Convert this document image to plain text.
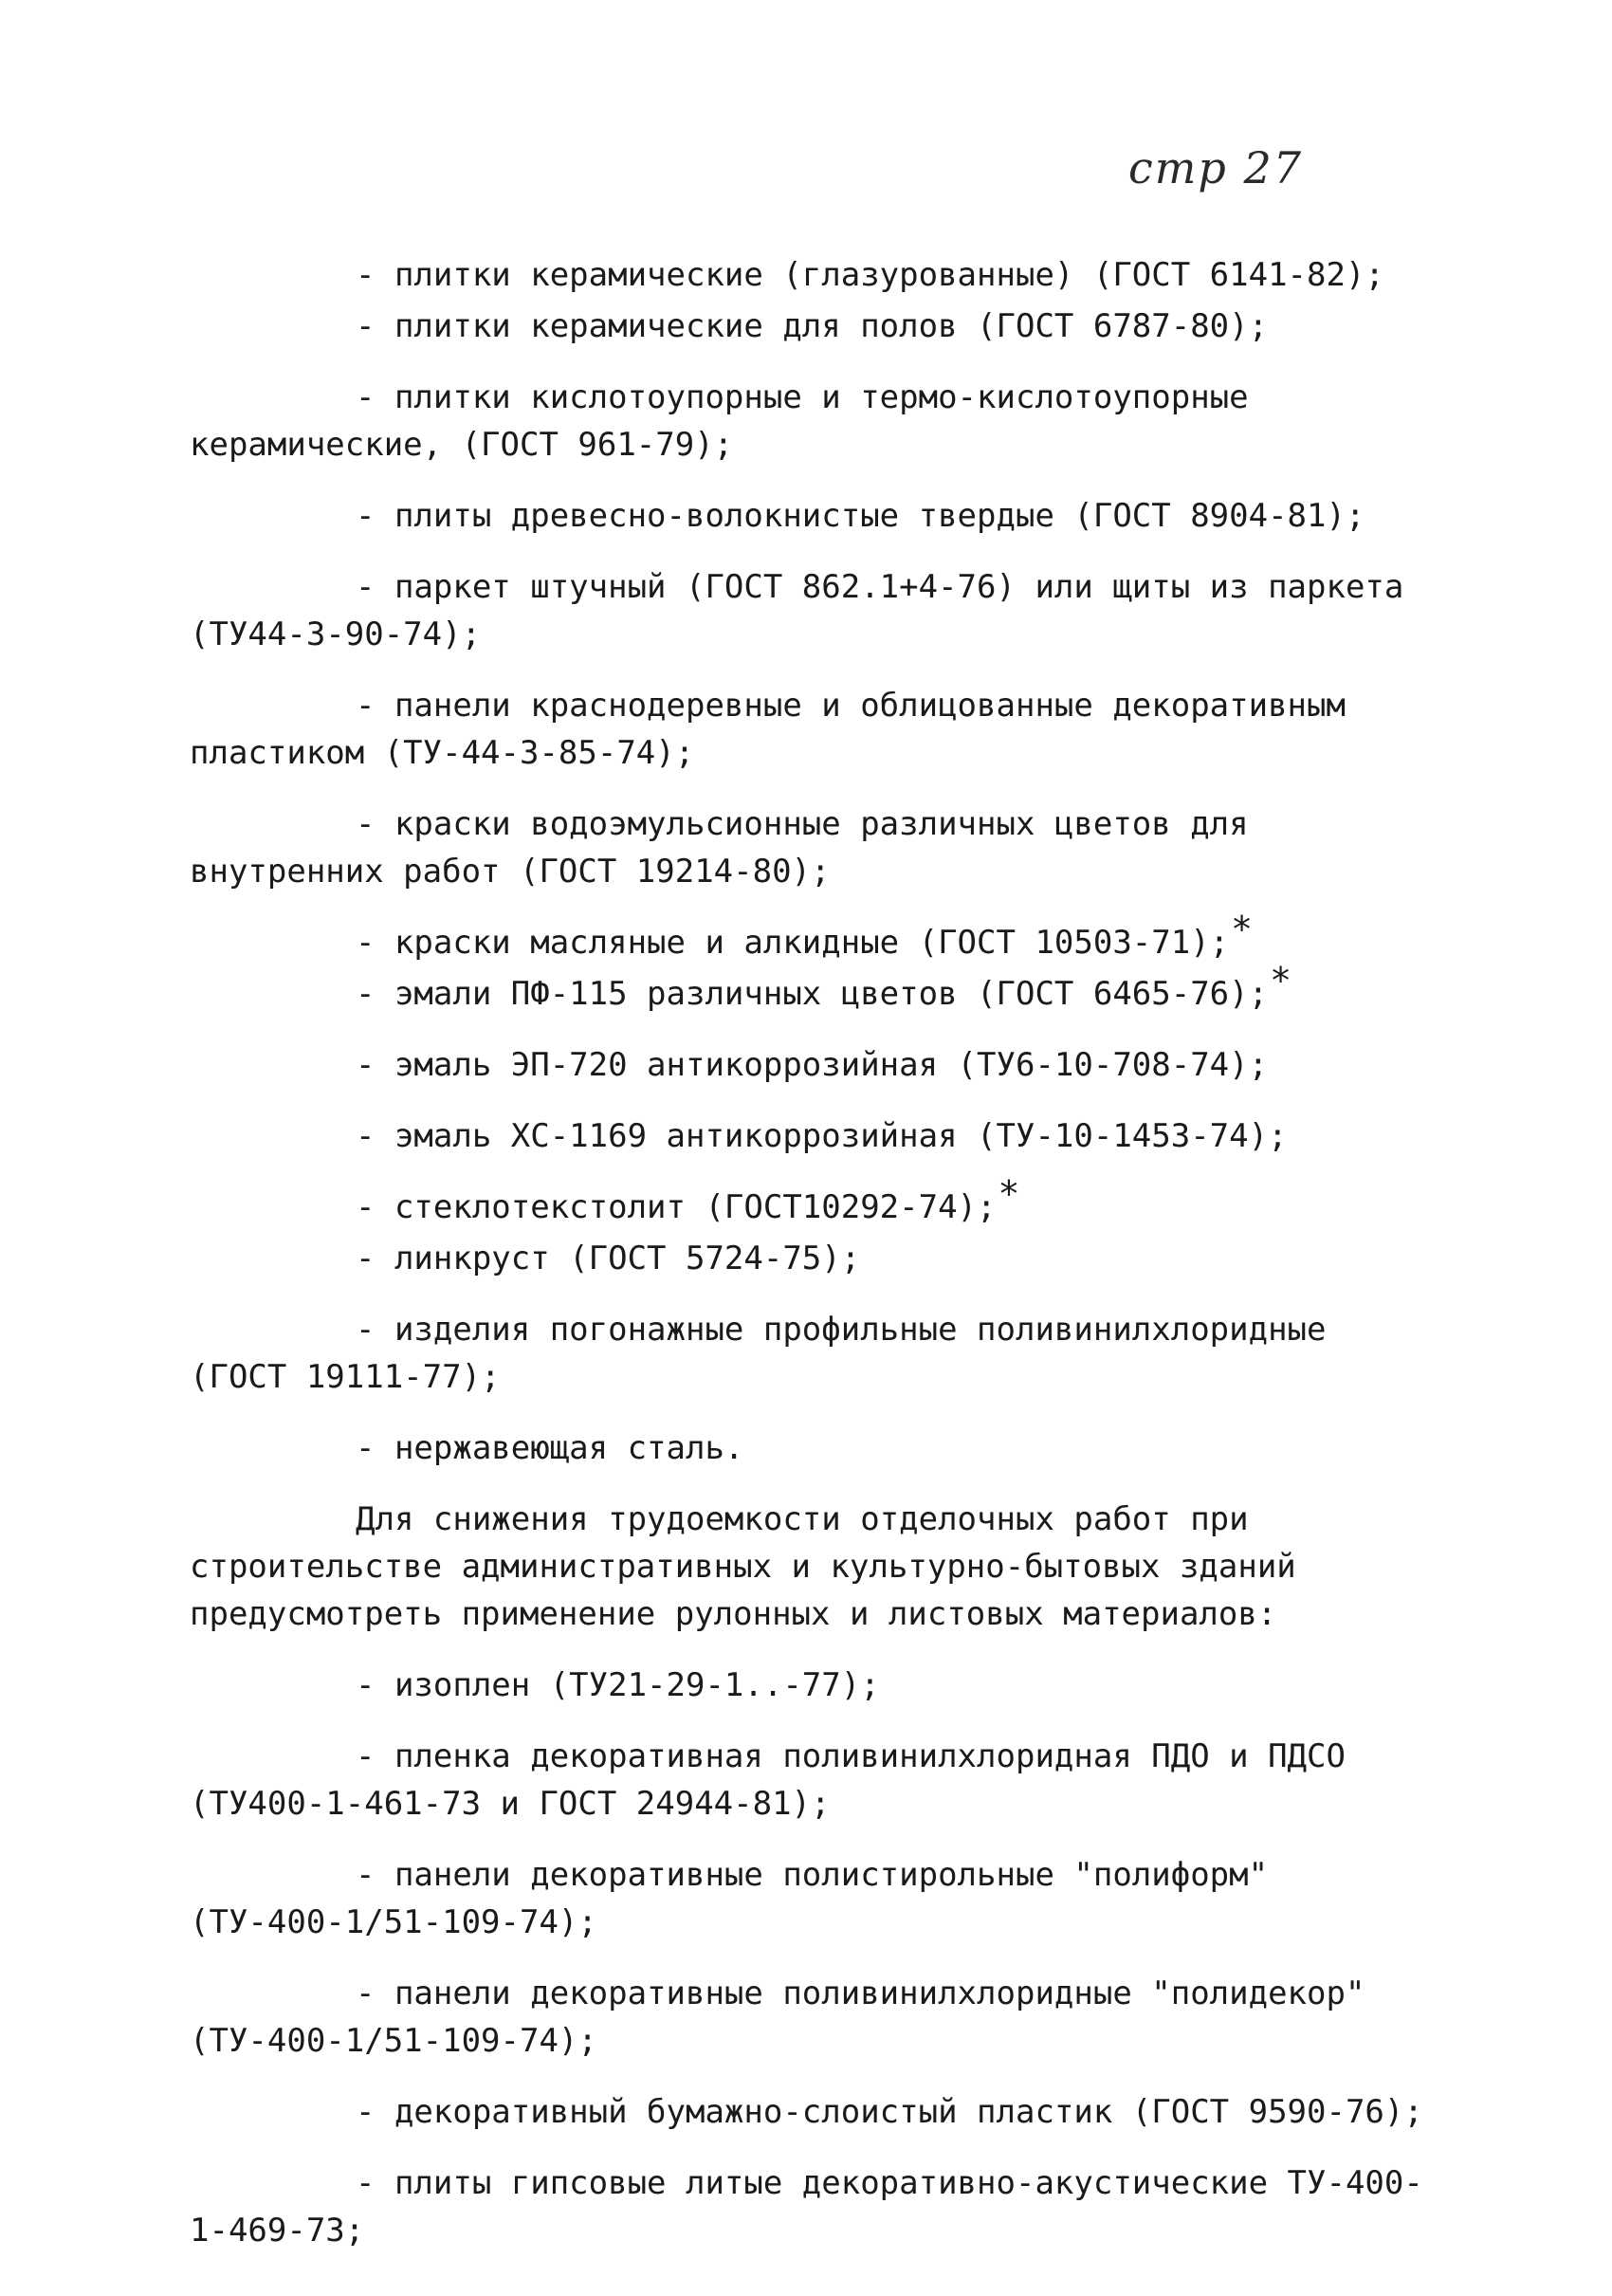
стр 27

- плитки керамические (глазурованные) (ГОСТ 6141-82);

- плитки керамические для полов (ГОСТ 6787-80);

- плитки кислотоупорные и термо-кислотоупорные керамические, (ГОСТ 961-79);

- плиты древесно-волокнистые твердые (ГОСТ 8904-81);

- паркет штучный (ГОСТ 862.1+4-76) или щиты из паркета (ТУ44-3-90-74);

- панели краснодеревные и облицованные декоративным пластиком (ТУ-44-3-85-74);

- краски водоэмульсионные различных цветов для внутренних работ (ГОСТ 19214-80);

- краски масляные и алкидные (ГОСТ 10503-71);*

- эмали ПФ-115 различных цветов (ГОСТ 6465-76);*

- эмаль ЭП-720 антикоррозийная (ТУ6-10-708-74);

- эмаль ХС-1169 антикоррозийная (ТУ-10-1453-74);

- стеклотекстолит (ГОСТ10292-74);*

- линкруст (ГОСТ 5724-75);

- изделия погонажные профильные поливинилхлоридные (ГОСТ 19111-77);

- нержавеющая сталь.

Для снижения трудоемкости отделочных работ при строительстве административных и культурно-бытовых зданий предусмотреть применение рулонных и листовых материалов:

- изоплен (ТУ21-29-1..-77);

- пленка декоративная поливинилхлоридная ПДО и ПДСО (ТУ400-1-461-73 и ГОСТ 24944-81);

- панели декоративные полистирольные "полиформ" (ТУ-400-1/51-109-74);

- панели декоративные поливинилхлоридные "полидекор" (ТУ-400-1/51-109-74);

- декоративный бумажно-слоистый пластик (ГОСТ 9590-76);

- плиты гипсовые литые декоративно-акустические ТУ-400-1-469-73;
